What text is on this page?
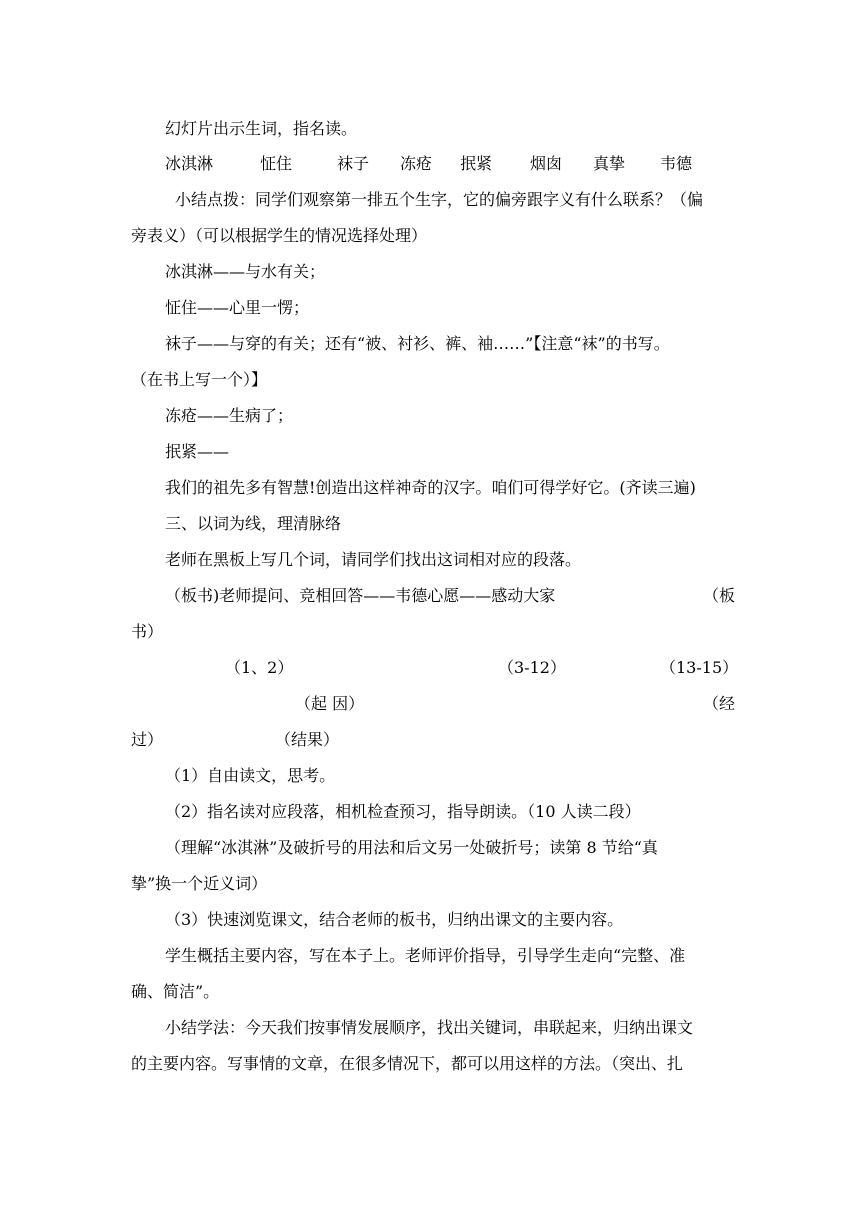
幻灯片出示生词，指名读。
冰淇淋	怔住	袜子 冻疮 抿紧 烟囱 真挚 韦德
小结点拨：同学们观察第一排五个生字，它的偏旁跟字义有什么联系？（偏
旁表义）（可以根据学生的情况选择处理）
冰淇淋——与水有关；
怔住——心里一愣；
袜子——与穿的有关；还有“被、衬衫、裤、袖……”【注意“袜”的书写。
（在书上写一个）】
冻疮——生病了；
抿紧——
我们的祖先多有智慧!创造出这样神奇的汉字。咱们可得学好它。(齐读三遍)
三、以词为线，理清脉络
老师在黑板上写几个词，请同学们找出这词相对应的段落。
（板书)老师提问、竞相回答——韦德心愿——感动大家	（板
书）
（1、2）	（3-12）	（13-15）
（起 因）	（经
过）	（结果）
（1）自由读文，思考。
（2）指名读对应段落，相机检查预习，指导朗读。（10 人读二段）
（理解“冰淇淋”及破折号的用法和后文另一处破折号；读第 8 节给“真
挚”换一个近义词）
（3）快速浏览课文，结合老师的板书，归纳出课文的主要内容。
学生概括主要内容，写在本子上。老师评价指导，引导学生走向“完整、准
确、简洁”。
小结学法：今天我们按事情发展顺序，找出关键词，串联起来，归纳出课文
的主要内容。写事情的文章，在很多情况下，都可以用这样的方法。（突出、扎
